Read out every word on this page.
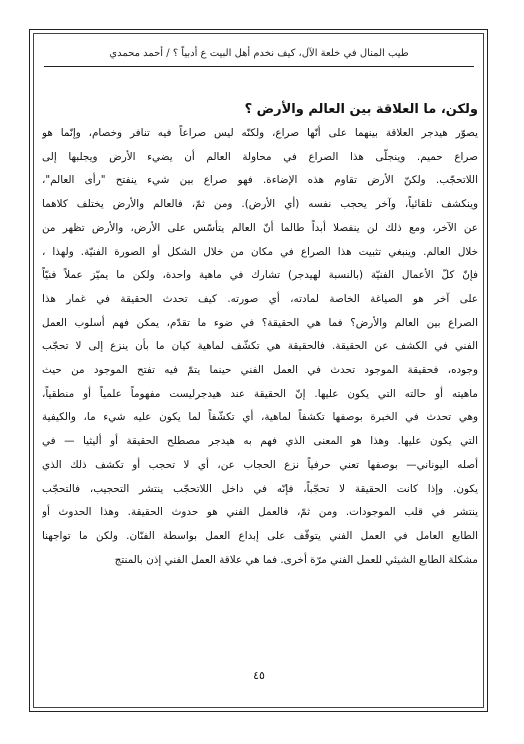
طيب المنال في خلعة الآل، كيف نخدم أهل البيت ع أدبياً ؟ / أحمد محمدي
ولكن، ما العلاقة بين العالم والأرض ؟
يصوّر هيدجر العلاقة بينهما على أنّها صراع، ولكنّه ليس صراعاً فيه تنافر وخصام، وإنّما هو
صراع حميم. وينجلّى هذا الصراع في محاولة العالم أن يضيء الأرض ويجلبها إلى
اللاتحجّب. ولكنّ الأرض تقاوم هذه الإضاءة. فهو صراع بين شيء ينفتح "رأى العالم"،
وينكشف تلقائياً، وآخر يحجب نفسه (أي الأرض). ومن ثمّ، فالعالم والأرض يختلف كلاهما
عن الآخر، ومع ذلك لن ينفصلا أبداً طالما أنّ العالم يتأسّس على الأرض، والأرض تظهر من
خلال العالم. وينبغي تثبيت هذا الصراع في مكان من خلال الشكل أو الصورة الفنيّة. ولهذا ،
فإنّ كلّ الأعمال الفنيّة (بالنسبة لهيدجر) تشارك في ماهية واحدة، ولكن ما يميّز عملاً فنيّاً
على آخر هو الصياغة الخاصة لمادته، أي صورته. كيف تحدث الحقيقة في غمار هذا
الصراع بين العالم والأرض؟ فما هي الحقيقة؟ في ضوء ما تقدّم، يمكن فهم أسلوب العمل
الفني في الكشف عن الحقيقة. فالحقيقة هي تكشّف لماهية كيان ما بأن ينزع إلى لا تحجّب
وجوده، فحقيقة الموجود تحدث في العمل الفني حينما يتمّ فيه تفتح الموجود من حيث
ماهيته أو حالته التي يكون عليها. إنّ الحقيقة عند هيدجرليست مفهوماً علمياً أو منطقياً،
وهي تحدث في الخبرة بوصفها تكشفاً لماهية، أي تكشّفاً لما يكون عليه شيء ما، والكيفية
التي يكون عليها. وهذا هو المعنى الذي فهم به هيدجر مصطلح الحقيقة أو أليثيا — في
أصله اليوناني— بوصفها تعني حرفياً نزع الحجاب عن، أي لا تحجب أو تكشف ذلك الذي
يكون. وإذا كانت الحقيقة لا تحجّباً، فإنّه في داخل اللاتحجّب ينتشر التحجيب، فالتحجّب
ينتشر في قلب الموجودات. ومن ثمّ، فالعمل الفني هو حدوث الحقيقة. وهذا الحدوث أو
الطابع العامل في العمل الفني يتوقّف على إبداع العمل بواسطة الفنّان. ولكن ما تواجهنا
مشكلة الطابع الشيئي للعمل الفني مرّة أخرى. فما هي علاقة العمل الفني إذن بالمنتج
٤٥
